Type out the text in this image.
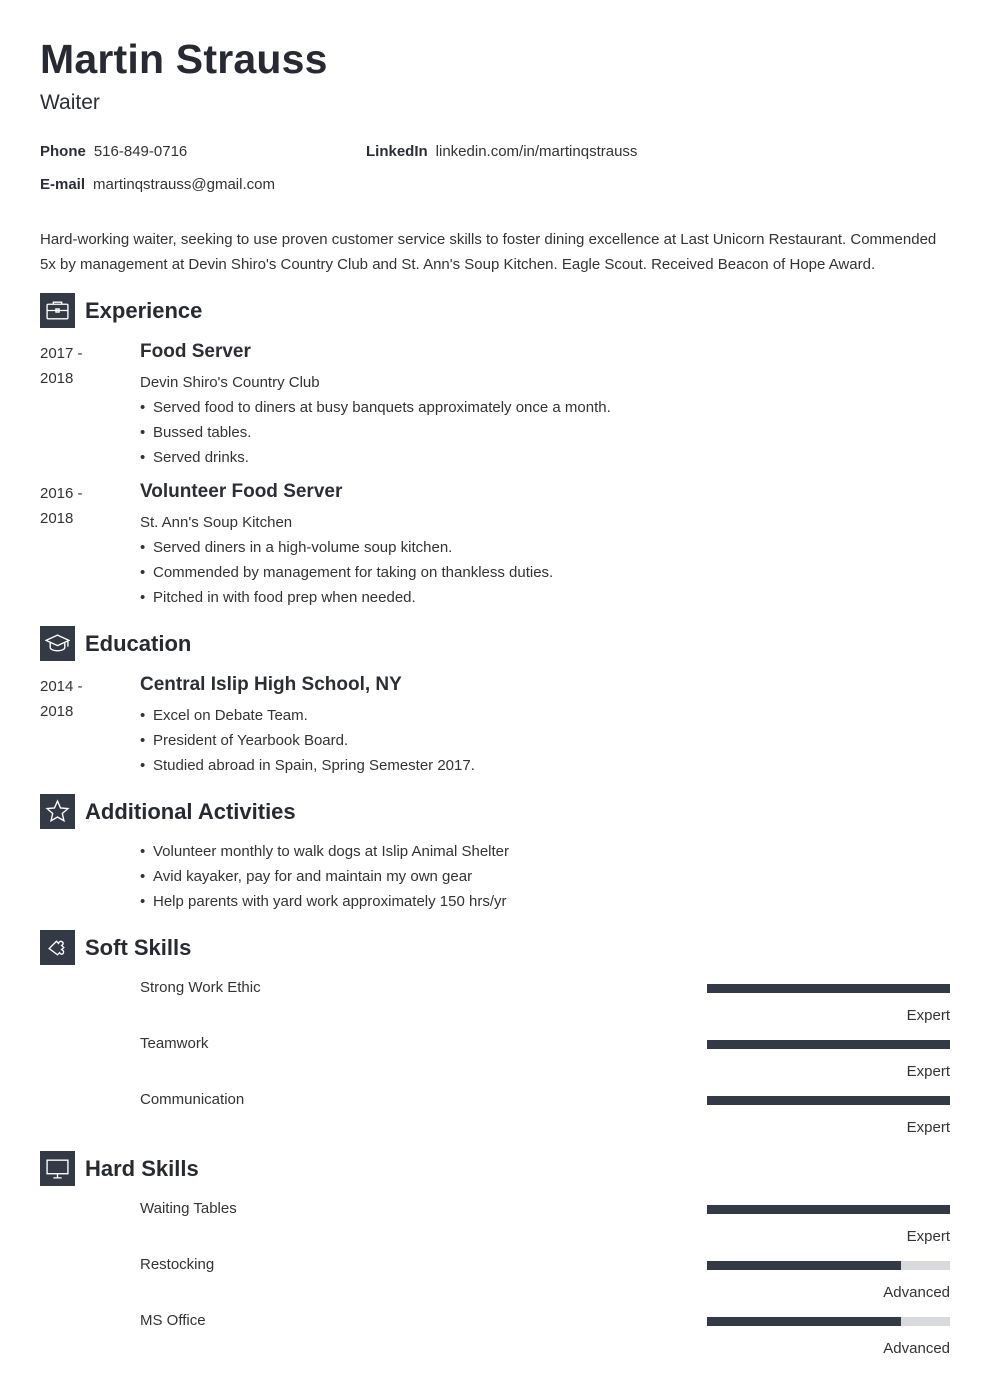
Martin Strauss
Waiter
Phone 516-849-0716	LinkedIn linkedin.com/in/martinqstrauss
E-mail martinqstrauss@gmail.com
Hard-working waiter, seeking to use proven customer service skills to foster dining excellence at Last Unicorn Restaurant. Commended 5x by management at Devin Shiro's Country Club and St. Ann's Soup Kitchen. Eagle Scout. Received Beacon of Hope Award.
Experience
2017 -
2018
Food Server
Devin Shiro's Country Club
• Served food to diners at busy banquets approximately once a month.
• Bussed tables.
• Served drinks.
2016 -
2018
Volunteer Food Server
St. Ann's Soup Kitchen
• Served diners in a high-volume soup kitchen.
• Commended by management for taking on thankless duties.
• Pitched in with food prep when needed.
Education
2014 -
2018
Central Islip High School, NY
• Excel on Debate Team.
• President of Yearbook Board.
• Studied abroad in Spain, Spring Semester 2017.
Additional Activities
• Volunteer monthly to walk dogs at Islip Animal Shelter
• Avid kayaker, pay for and maintain my own gear
• Help parents with yard work approximately 150 hrs/yr
Soft Skills
Strong Work Ethic
Expert
Teamwork
Expert
Communication
Expert
Hard Skills
Waiting Tables
Expert
Restocking
Advanced
MS Office
Advanced
